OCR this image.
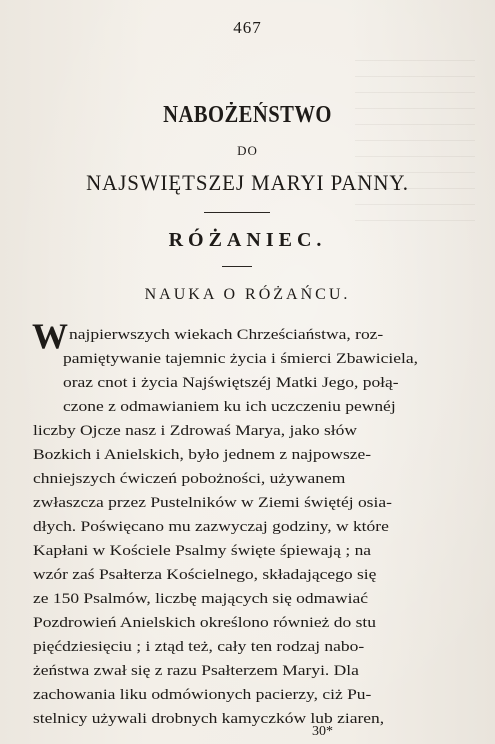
467
NABOŻEŃSTWO
DO
NAJSWIĘTSZEJ MARYI PANNY.
RÓŻANIEC.
NAUKA O RÓŻAŃCU.
W najpierwszych wiekach Chrześciaństwa, roz-
pamiętywanie tajemnic życia i śmierci Zbawiciela,
oraz cnot i życia Najświętszéj Matki Jego, połą-
czone z odmawianiem ku ich uczczeniu pewnéj
liczby Ojcze nasz i Zdrowaś Marya, jako słów
Bozkich i Anielskich, było jednem z najpowsze-
chniejszych ćwiczeń pobożności, używanem
zwłaszcza przez Pustelników w Ziemi świętéj osia-
dłych. Poświęcano mu zazwyczaj godziny, w które
Kapłani w Kościele Psalmy święte śpiewają ; na
wzór zaś Psałterza Kościelnego, składającego się
ze 150 Psalmów, liczbę mających się odmawiać
Pozdrowień Anielskich określono również do stu
pięćdziesięciu ; i ztąd też, cały ten rodzaj nabo-
żeństwa zwał się z razu Psałterzem Maryi. Dla
zachowania liku odmówionych pacierzy, ciż Pu-
stelnicy używali drobnych kamyczków lub ziaren,
30*
